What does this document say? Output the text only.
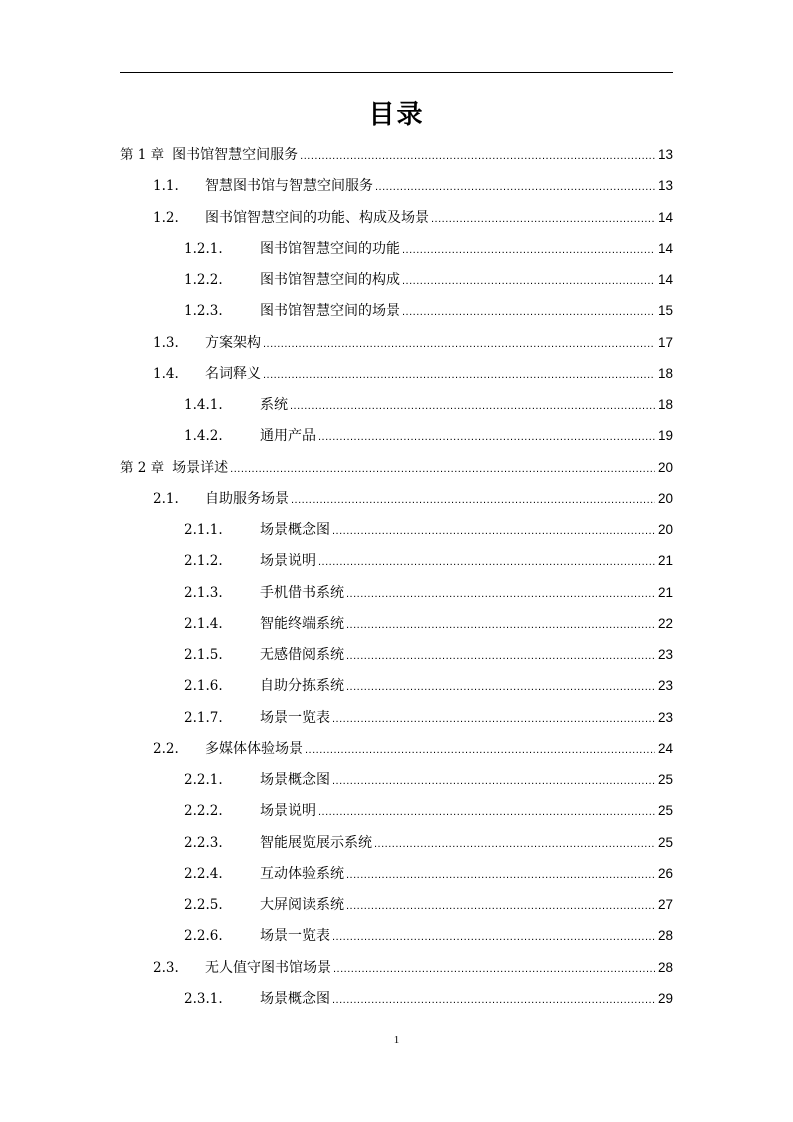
目录
第 1 章 图书馆智慧空间服务 .....	13
1.1.	智慧图书馆与智慧空间服务 .....	13
1.2.	图书馆智慧空间的功能、构成及场景 .....	14
1.2.1.	图书馆智慧空间的功能 .....	14
1.2.2.	图书馆智慧空间的构成 .....	14
1.2.3.	图书馆智慧空间的场景 .....	15
1.3.	方案架构 .....	17
1.4.	名词释义 .....	18
1.4.1.	系统 .....	18
1.4.2.	通用产品 .....	19
第 2 章 场景详述 .....	20
2.1.	自助服务场景 .....	20
2.1.1.	场景概念图 .....	20
2.1.2.	场景说明 .....	21
2.1.3.	手机借书系统 .....	21
2.1.4.	智能终端系统 .....	22
2.1.5.	无感借阅系统 .....	23
2.1.6.	自助分拣系统 .....	23
2.1.7.	场景一览表 .....	23
2.2.	多媒体体验场景 .....	24
2.2.1.	场景概念图 .....	25
2.2.2.	场景说明 .....	25
2.2.3.	智能展览展示系统 .....	25
2.2.4.	互动体验系统 .....	26
2.2.5.	大屏阅读系统 .....	27
2.2.6.	场景一览表 .....	28
2.3.	无人值守图书馆场景 .....	28
2.3.1.	场景概念图 .....	29
1
